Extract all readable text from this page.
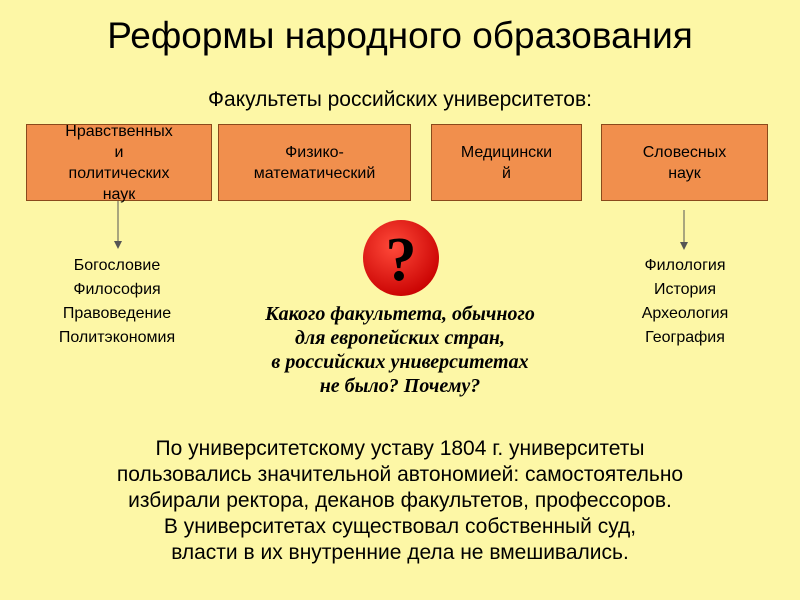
Реформы народного образования
Факультеты российских университетов:
Нравственных
и
политических
наук
Физико-
математический
Медицински
й
Словесных
наук
Богословие
Философия
Правоведение
Политэкономия
Филология
История
Археология
География
?
Какого факультета, обычного
для европейских стран,
в российских университетах
не было? Почему?
По университетскому уставу 1804 г. университеты
пользовались значительной автономией: самостоятельно
избирали ректора, деканов факультетов, профессоров.
В университетах существовал собственный суд,
власти в их внутренние дела не вмешивались.
